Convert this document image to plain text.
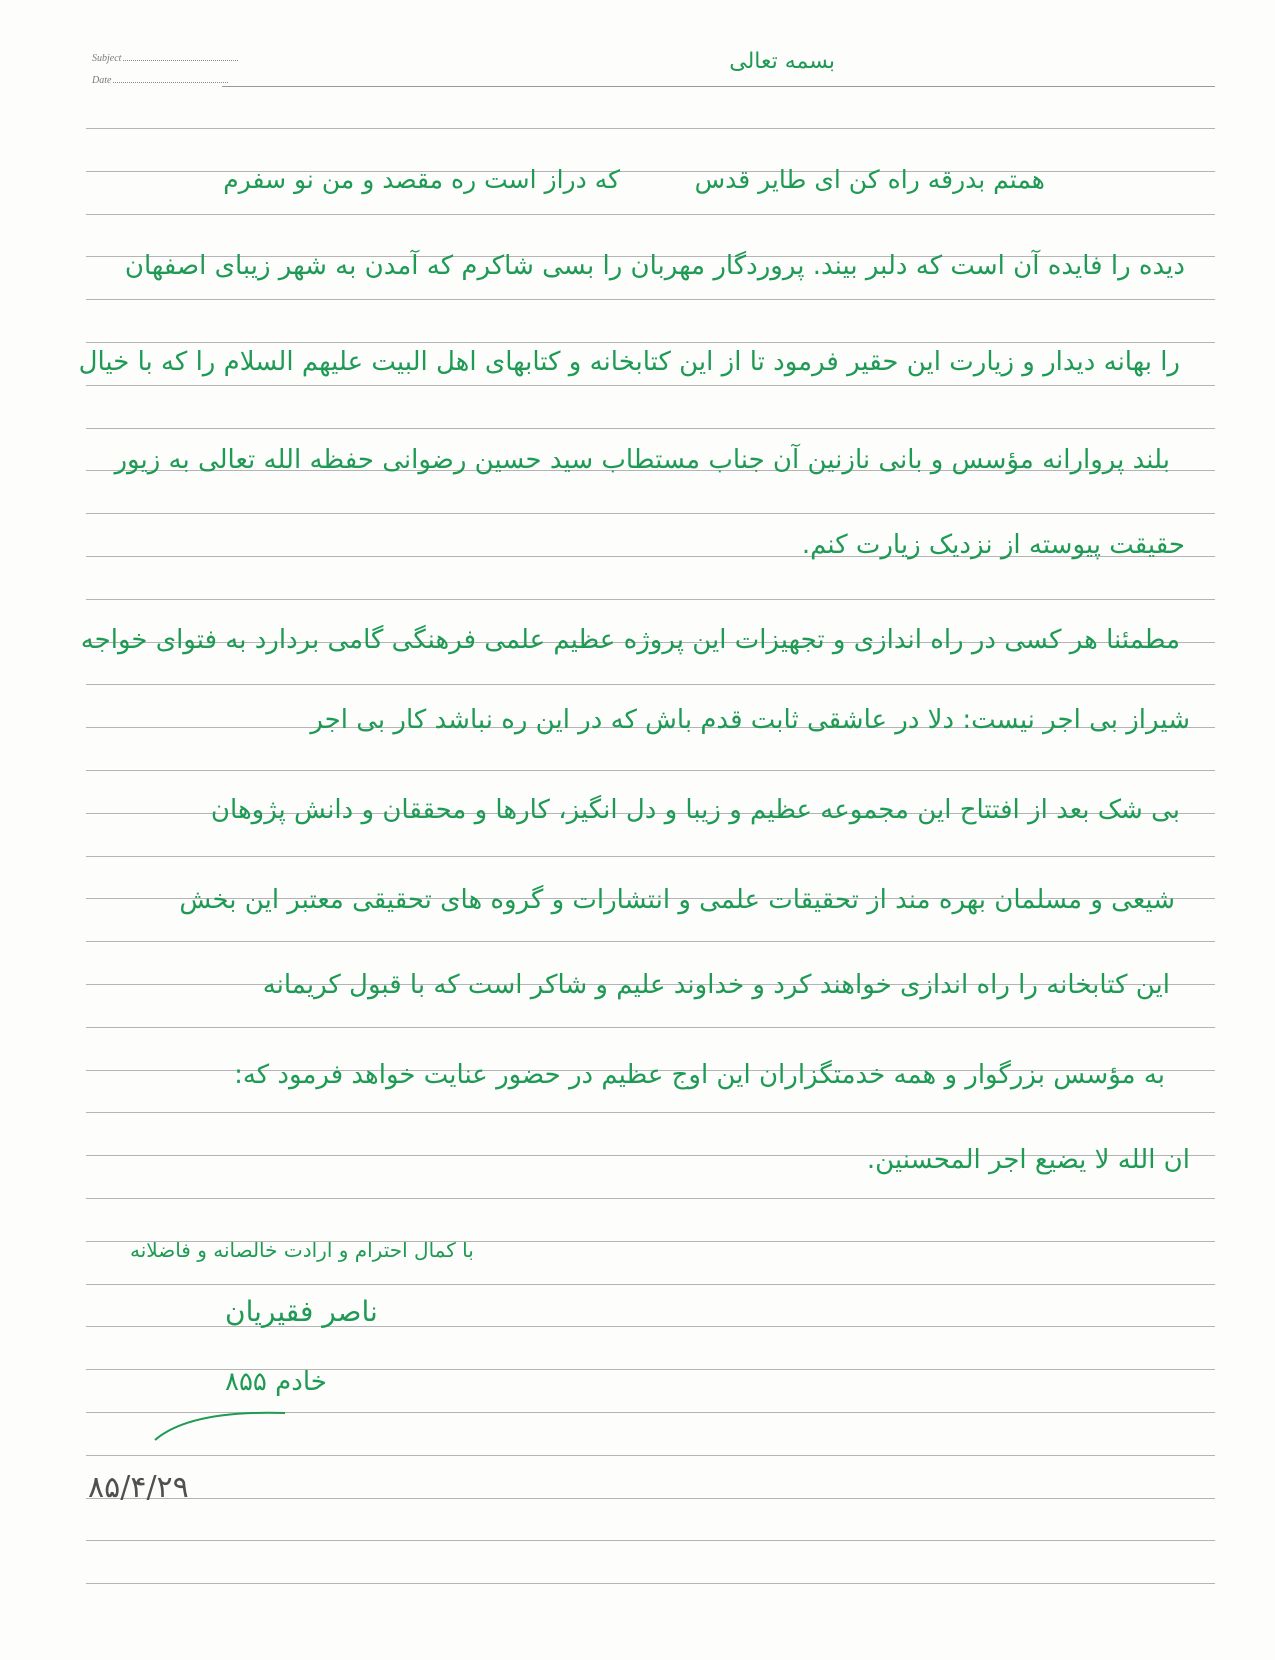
Subject
Date
بسمه تعالی
همتم بدرقه راه کن ای طایر قدس
که دراز است ره مقصد و من نو سفرم
دیده را فایده آن است که دلبر بیند. پروردگار مهربان را بسی شاکرم که آمدن به شهر زیبای اصفهان
را بهانه دیدار و زیارت این حقیر فرمود تا از این کتابخانه و کتابهای اهل البیت علیهم السلام را که با خیال
بلند پروارانه مؤسس و بانی نازنین آن جناب مستطاب سید حسین رضوانی حفظه الله تعالی به زیور
حقیقت پیوسته از نزدیک زیارت کنم.
مطمئنا هر کسی در راه اندازی و تجهیزات این پروژه عظیم علمی فرهنگی گامی بردارد به فتوای خواجه
شیراز بی اجر نیست: دلا در عاشقی ثابت قدم باش که در این ره نباشد کار بی اجر
بی شک بعد از افتتاح این مجموعه عظیم و زیبا و دل انگیز، کارها و محققان و دانش پژوهان
شیعی و مسلمان بهره مند از تحقیقات علمی و انتشارات و گروه های تحقیقی معتبر این بخش
این کتابخانه را راه اندازی خواهند کرد و خداوند علیم و شاکر است که با قبول کریمانه
به مؤسس بزرگوار و همه خدمتگزاران این اوج عظیم در حضور عنایت خواهد فرمود که:
ان الله لا یضیع اجر المحسنین.
با کمال احترام و ارادت خالصانه و فاضلانه
ناصر فقیریان
خادم ۸۵۵
۸۵/۴/۲۹
